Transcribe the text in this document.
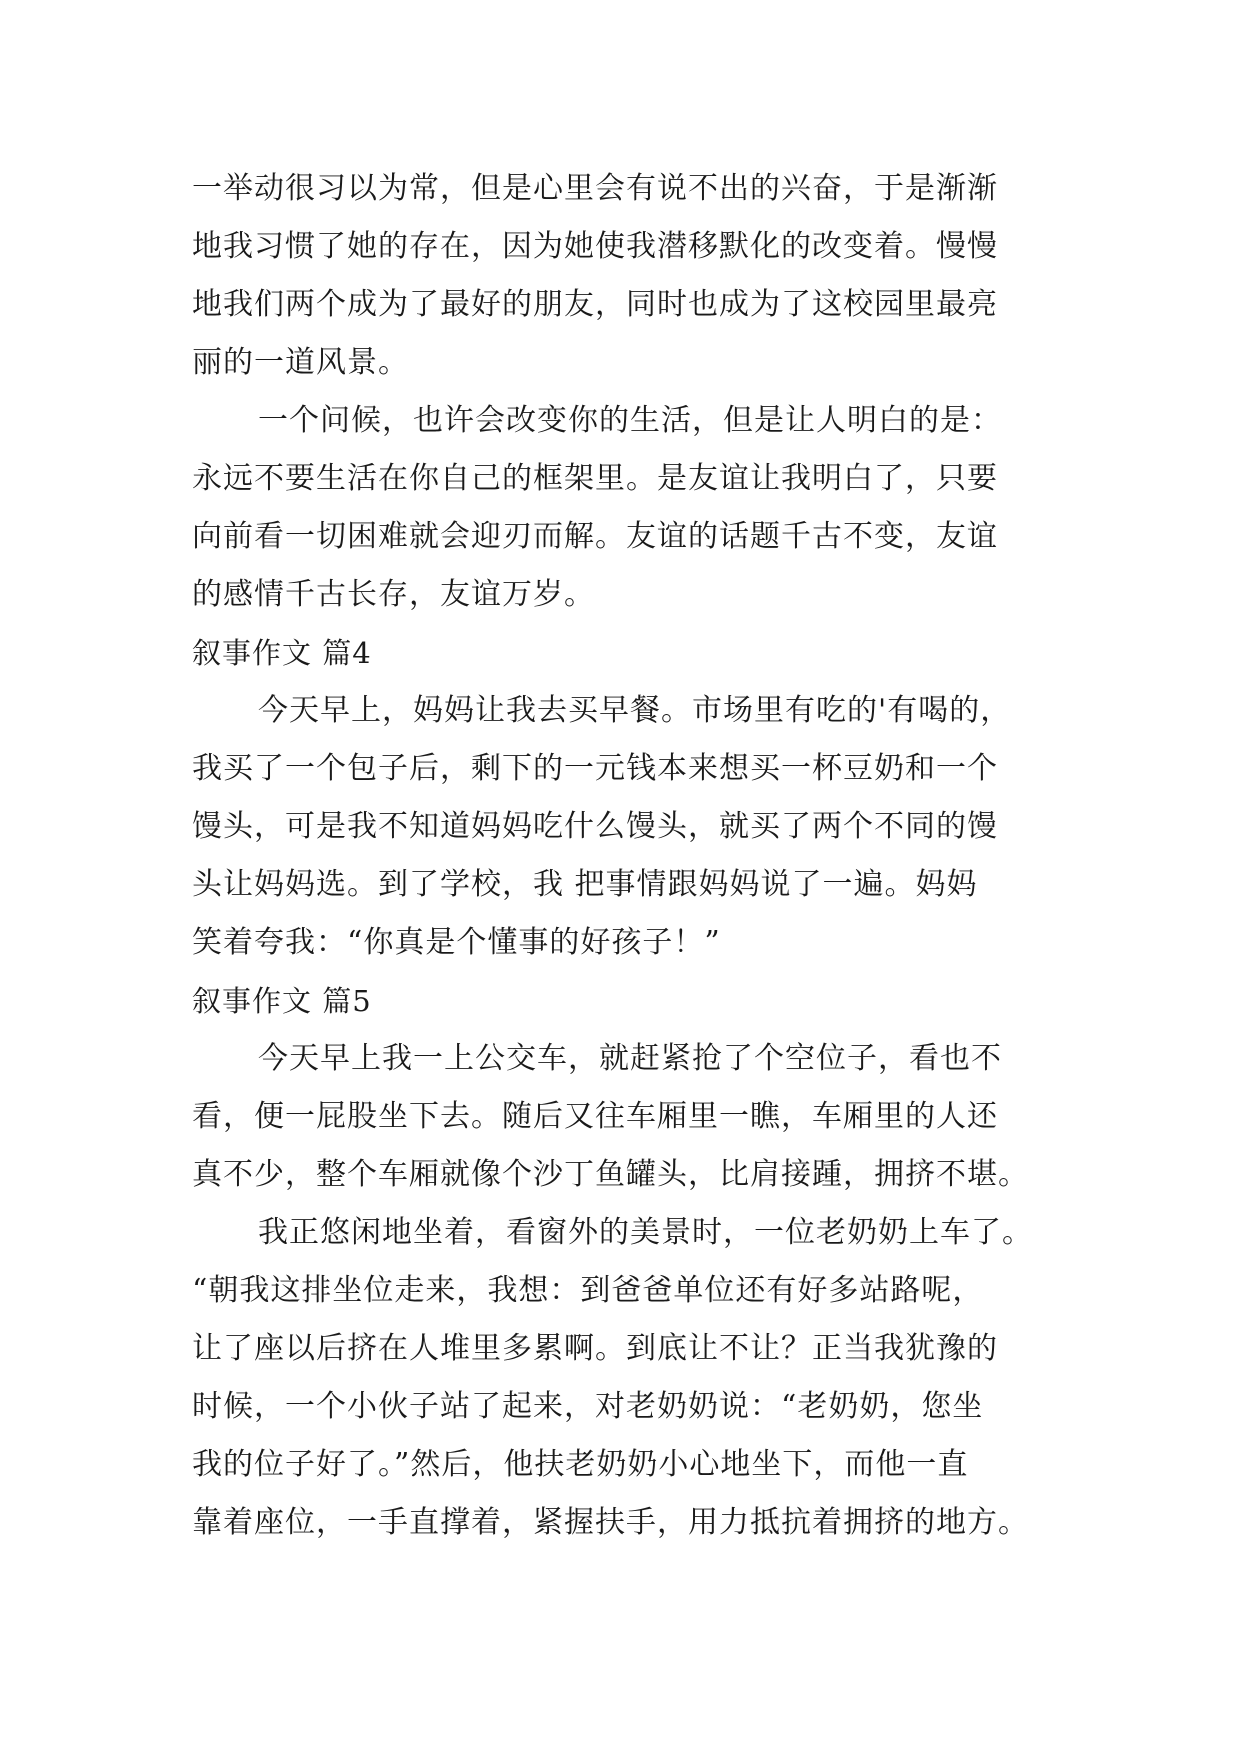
一举动很习以为常，但是心里会有说不出的兴奋，于是渐渐
地我习惯了她的存在，因为她使我潜移默化的改变着。慢慢
地我们两个成为了最好的朋友，同时也成为了这校园里最亮
丽的一道风景。
一个问候，也许会改变你的生活，但是让人明白的是：
永远不要生活在你自己的框架里。是友谊让我明白了，只要
向前看一切困难就会迎刃而解。友谊的话题千古不变，友谊
的感情千古长存，友谊万岁。
叙事作文 篇4
今天早上，妈妈让我去买早餐。市场里有吃的'有喝的，
我买了一个包子后，剩下的一元钱本来想买一杯豆奶和一个
馒头，可是我不知道妈妈吃什么馒头，就买了两个不同的馒
头让妈妈选。到了学校，我 把事情跟妈妈说了一遍。妈妈
笑着夸我：“你真是个懂事的好孩子！”
叙事作文 篇5
今天早上我一上公交车，就赶紧抢了个空位子，看也不
看，便一屁股坐下去。随后又往车厢里一瞧，车厢里的人还
真不少，整个车厢就像个沙丁鱼罐头，比肩接踵，拥挤不堪。
我正悠闲地坐着，看窗外的美景时，一位老奶奶上车了。
“朝我这排坐位走来，我想：到爸爸单位还有好多站路呢，
让了座以后挤在人堆里多累啊。到底让不让？正当我犹豫的
时候，一个小伙子站了起来，对老奶奶说：“老奶奶，您坐
我的位子好了。”然后，他扶老奶奶小心地坐下，而他一直
靠着座位，一手直撑着，紧握扶手，用力抵抗着拥挤的地方。
